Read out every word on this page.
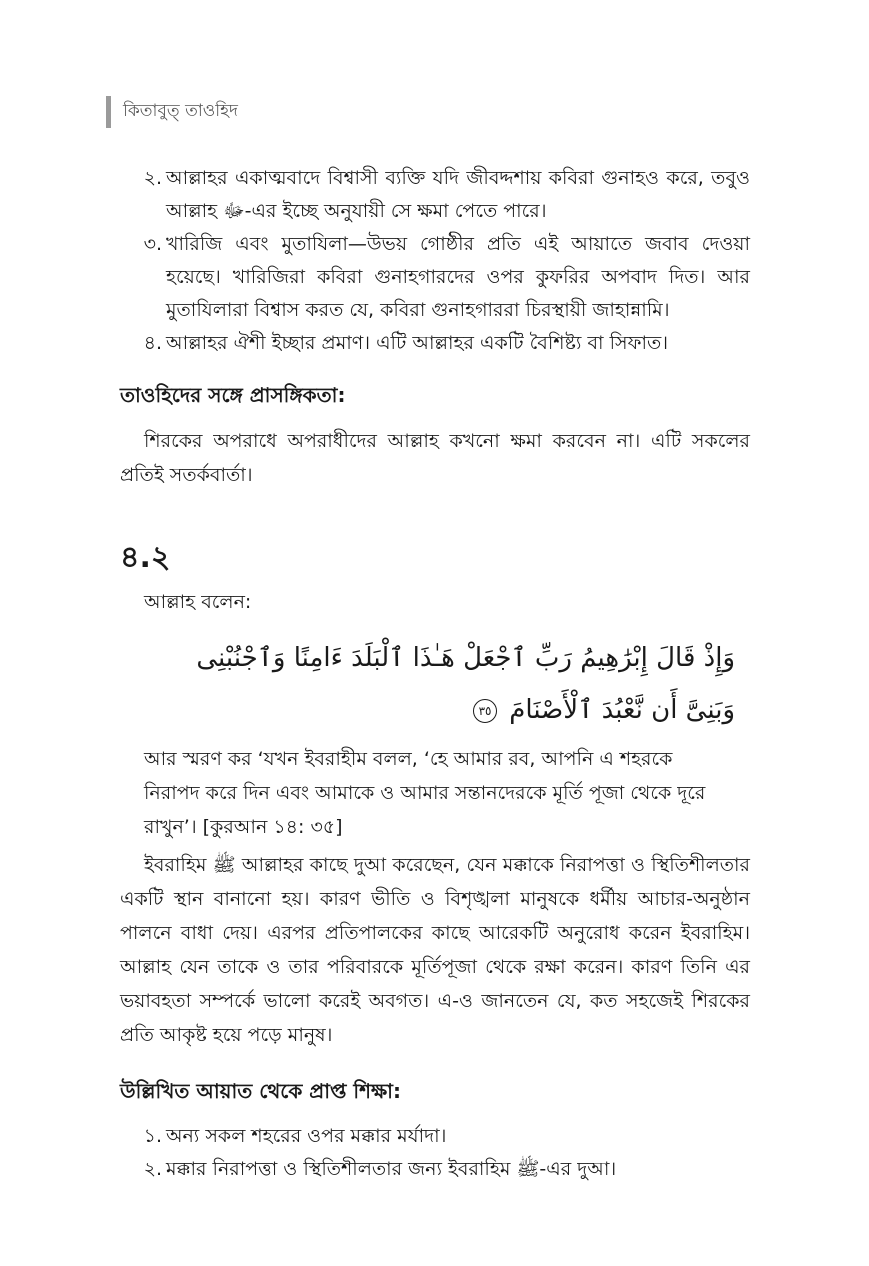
কিতাবুত্ তাওহিদ
২. আল্লাহর একাত্মবাদে বিশ্বাসী ব্যক্তি যদি জীবদ্দশায় কবিরা গুনাহও করে, তবুও আল্লাহ ﷻ-এর ইচ্ছে অনুযায়ী সে ক্ষমা পেতে পারে।
৩. খারিজি এবং মুতাযিলা—উভয় গোষ্ঠীর প্রতি এই আয়াতে জবাব দেওয়া হয়েছে। খারিজিরা কবিরা গুনাহগারদের ওপর কুফরির অপবাদ দিত। আর মুতাযিলারা বিশ্বাস করত যে, কবিরা গুনাহগাররা চিরস্থায়ী জাহান্নামি।
৪. আল্লাহর ঐশী ইচ্ছার প্রমাণ। এটি আল্লাহর একটি বৈশিষ্ট্য বা সিফাত।
তাওহিদের সঙ্গে প্রাসঙ্গিকতা:

শিরকের অপরাধে অপরাধীদের আল্লাহ কখনো ক্ষমা করবেন না। এটি সকলের প্রতিই সতর্কবার্তা।

৪.২
আল্লাহ বলেন:
وَإِذْ قَالَ إِبْرَٰهِيمُ رَبِّ ٱجْعَلْ هَـٰذَا ٱلْبَلَدَ ءَامِنًا وَٱجْنُبْنِى وَبَنِىَّ أَن نَّعْبُدَ ٱلْأَصْنَامَ ٣٥

আর স্মরণ কর ‘যখন ইবরাহীম বলল, ‘হে আমার রব, আপনি এ শহরকে নিরাপদ করে দিন এবং আমাকে ও আমার সন্তানদেরকে মূর্তি পূজা থেকে দূরে রাখুন’। [কুরআন ১৪: ৩৫]

ইবরাহিম ﷺ আল্লাহর কাছে দুআ করেছেন, যেন মক্কাকে নিরাপত্তা ও স্থিতিশীলতার একটি স্থান বানানো হয়। কারণ ভীতি ও বিশৃঙ্খলা মানুষকে ধর্মীয় আচার-অনুষ্ঠান পালনে বাধা দেয়। এরপর প্রতিপালকের কাছে আরেকটি অনুরোধ করেন ইবরাহিম। আল্লাহ যেন তাকে ও তার পরিবারকে মূর্তিপূজা থেকে রক্ষা করেন। কারণ তিনি এর ভয়াবহতা সম্পর্কে ভালো করেই অবগত। এ-ও জানতেন যে, কত সহজেই শিরকের প্রতি আকৃষ্ট হয়ে পড়ে মানুষ।

উল্লিখিত আয়াত থেকে প্রাপ্ত শিক্ষা:
১. অন্য সকল শহরের ওপর মক্কার মর্যাদা।
২. মক্কার নিরাপত্তা ও স্থিতিশীলতার জন্য ইবরাহিম ﷺ-এর দুআ।
